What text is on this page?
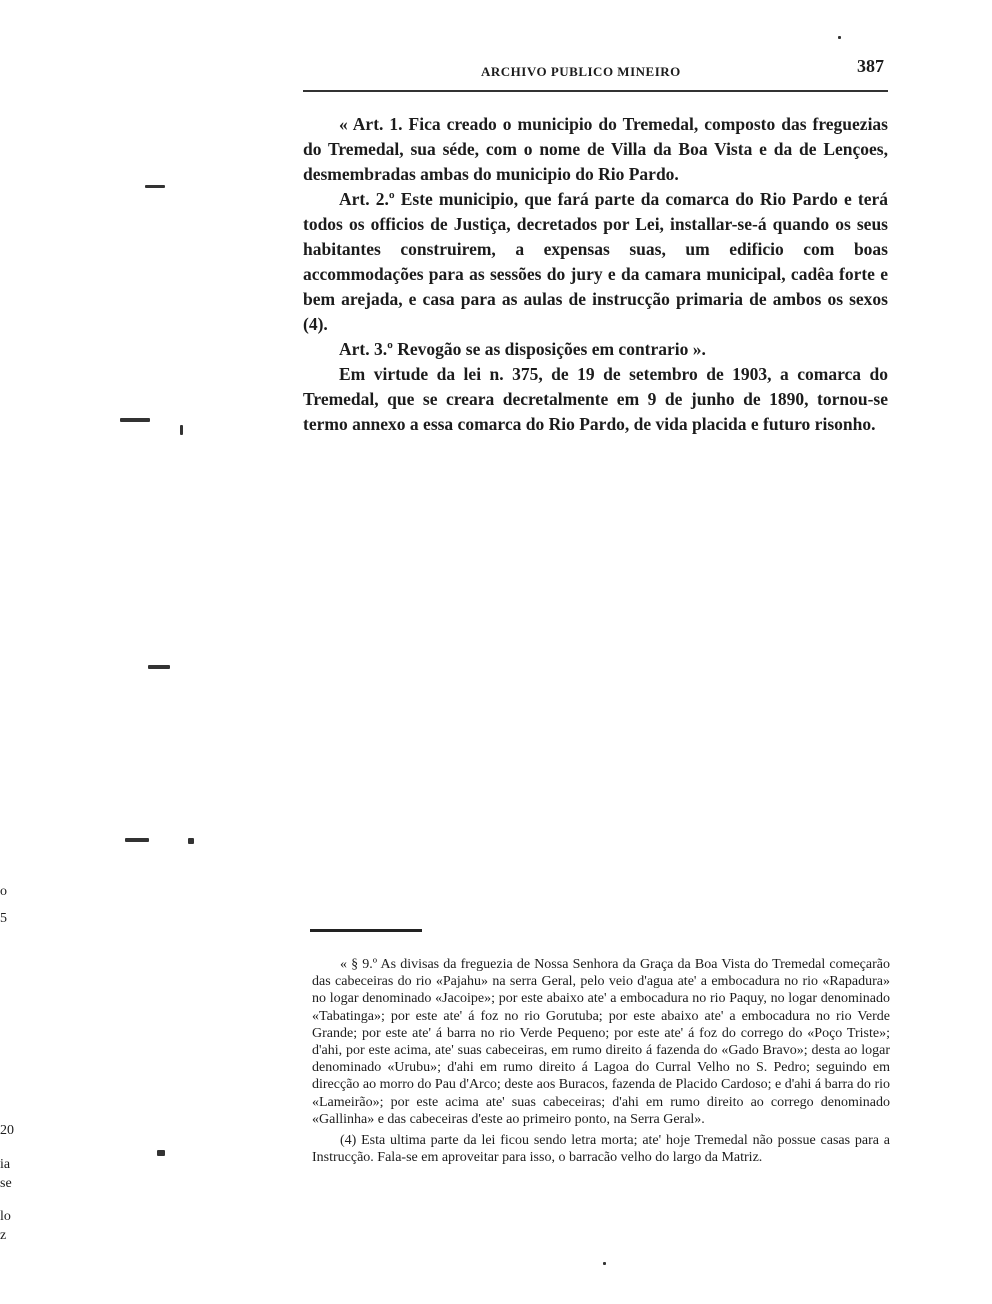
ARCHIVO PUBLICO MINEIRO	387

« Art. 1. Fica creado o municipio do Tremedal, composto das freguezias do Tremedal, sua séde, com o nome de Villa da Boa Vista e da de Lençoes, desmembradas ambas do municipio do Rio Pardo.

Art. 2.º Este municipio, que fará parte da comarca do Rio Pardo e terá todos os officios de Justiça, decretados por Lei, installar-se-á quando os seus habitantes construirem, a expensas suas, um edificio com boas accommodações para as sessões do jury e da camara municipal, cadêa forte e bem arejada, e casa para as aulas de instrucção primaria de ambos os sexos (4).

Art. 3.º Revogão se as disposições em contrario ».

Em virtude da lei n. 375, de 19 de setembro de 1903, a comarca do Tremedal, que se creara decretalmente em 9 de junho de 1890, tornou-se termo annexo a essa comarca do Rio Pardo, de vida placida e futuro risonho.

« § 9.º As divisas da freguezia de Nossa Senhora da Graça da Boa Vista do Tremedal começarão das cabeceiras do rio «Pajahu» na serra Geral, pelo veio d'agua ate' a embocadura no rio «Rapadura» no logar denominado «Jacoipe»; por este abaixo ate' a embocadura no rio Paquy, no logar denominado «Tabatinga»; por este ate' á foz no rio Gorutuba; por este abaixo ate' a embocadura no rio Verde Grande; por este ate' á barra no rio Verde Pequeno; por este ate' á foz do corrego do «Poço Triste»; d'ahi, por este acima, ate' suas cabeceiras, em rumo direito á fazenda do «Gado Bravo»; desta ao logar denominado «Urubu»; d'ahi em rumo direito á Lagoa do Curral Velho no S. Pedro; seguindo em direcção ao morro do Pau d'Arco; deste aos Buracos, fazenda de Placido Cardoso; e d'ahi á barra do rio «Lameirão»; por este acima ate' suas cabeceiras; d'ahi em rumo direito ao corrego denominado «Gallinha» e das cabeceiras d'este ao primeiro ponto, na Serra Geral».

(4) Esta ultima parte da lei ficou sendo letra morta; ate' hoje Tremedal não possue casas para a Instrucção. Fala-se em aproveitar para isso, o barracão velho do largo da Matriz.

o
5
20
ia
se
lo
z
